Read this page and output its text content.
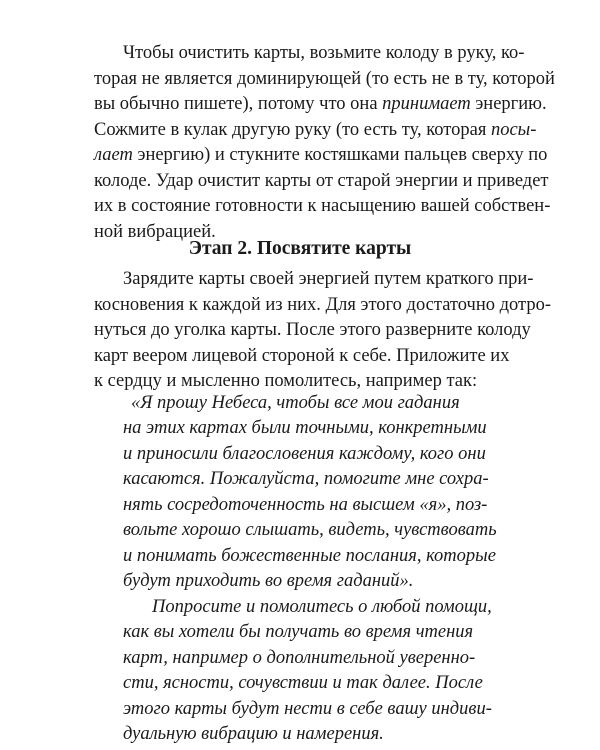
Чтобы очистить карты, возьмите колоду в руку, ко-
торая не является доминирующей (то есть не в ту, которой
вы обычно пишете), потому что она принимает энергию.
Сожмите в кулак другую руку (то есть ту, которая посы-
лает энергию) и стукните костяшками пальцев сверху по
колоде. Удар очистит карты от старой энергии и приведет
их в состояние готовности к насыщению вашей собствен-
ной вибрацией.
Этап 2. Посвятите карты
Зарядите карты своей энергией путем краткого при-
косновения к каждой из них. Для этого достаточно дотро-
нуться до уголка карты. После этого разверните колоду
карт веером лицевой стороной к себе. Приложите их
к сердцу и мысленно помолитесь, например так:
«Я прошу Небеса, чтобы все мои гадания
на этих картах были точными, конкретными
и приносили благословения каждому, кого они
касаются. Пожалуйста, помогите мне сохра-
нять сосредоточенность на высшем «я», поз-
вольте хорошо слышать, видеть, чувствовать
и понимать божественные послания, которые
будут приходить во время гаданий».
Попросите и помолитесь о любой помощи,
как вы хотели бы получать во время чтения
карт, например о дополнительной уверенно-
сти, ясности, сочувствии и так далее. После
этого карты будут нести в себе вашу индиви-
дуальную вибрацию и намерения.
